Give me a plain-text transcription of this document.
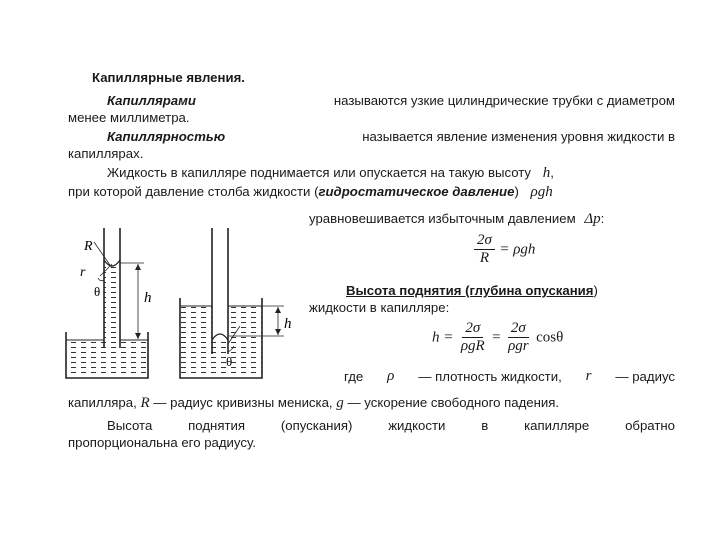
Капиллярные явления.
Капиллярами	называются узкие цилиндрические трубки с диаметром
менее миллиметра.
Капиллярностью	называется явление изменения уровня жидкости в
капиллярах.
Жидкость в капилляре поднимается или опускается на такую высоту h,
при которой давление столба жидкости (гидростатическое давление) ρgh
уравновешивается избыточным давлением Δp:
$\frac{2\sigma}{R} = \rho gh$
Высота поднятия (глубина опускания)
жидкости в капилляре:
$h = \frac{2\sigma}{\text{ρgR}} = \frac{2\sigma}{\text{ρgr}}$ cosθ
где ρ — плотность жидкости, r — радиус
капилляра, R — радиус кривизны мениска, g — ускорение свободного падения.
Высота	поднятия	(опускания)	жидкости	в	капилляре	обратно
пропорциональна его радиусу.
R
r
θ	h
h
θ
